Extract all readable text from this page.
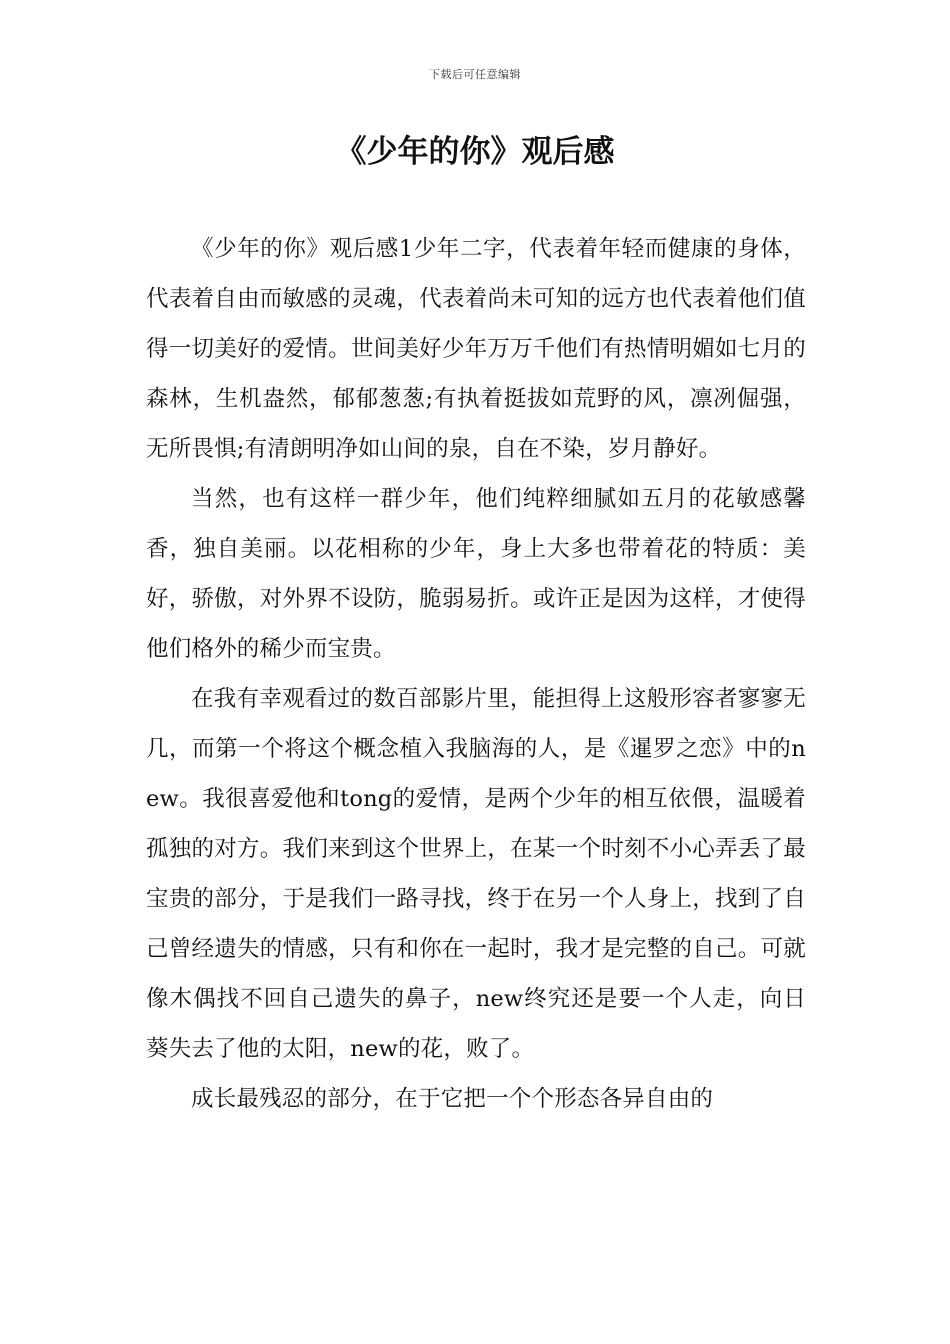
下载后可任意编辑
《少年的你》观后感

《少年的你》观后感1少年二字，代表着年轻而健康的身体，代表着自由而敏感的灵魂，代表着尚未可知的远方也代表着他们值得一切美好的爱情。世间美好少年万万千他们有热情明媚如七月的森林，生机盎然，郁郁葱葱;有执着挺拔如荒野的风，凛冽倔强，无所畏惧;有清朗明净如山间的泉，自在不染，岁月静好。

当然，也有这样一群少年，他们纯粹细腻如五月的花敏感馨香，独自美丽。以花相称的少年，身上大多也带着花的特质：美好，骄傲，对外界不设防，脆弱易折。或许正是因为这样，才使得他们格外的稀少而宝贵。

在我有幸观看过的数百部影片里，能担得上这般形容者寥寥无几，而第一个将这个概念植入我脑海的人，是《暹罗之恋》中的new。我很喜爱他和tong的爱情，是两个少年的相互依偎，温暖着孤独的对方。我们来到这个世界上，在某一个时刻不小心弄丢了最宝贵的部分，于是我们一路寻找，终于在另一个人身上，找到了自己曾经遗失的情感，只有和你在一起时，我才是完整的自己。可就像木偶找不回自己遗失的鼻子，new终究还是要一个人走，向日葵失去了他的太阳，new的花，败了。

成长最残忍的部分，在于它把一个个形态各异自由的
